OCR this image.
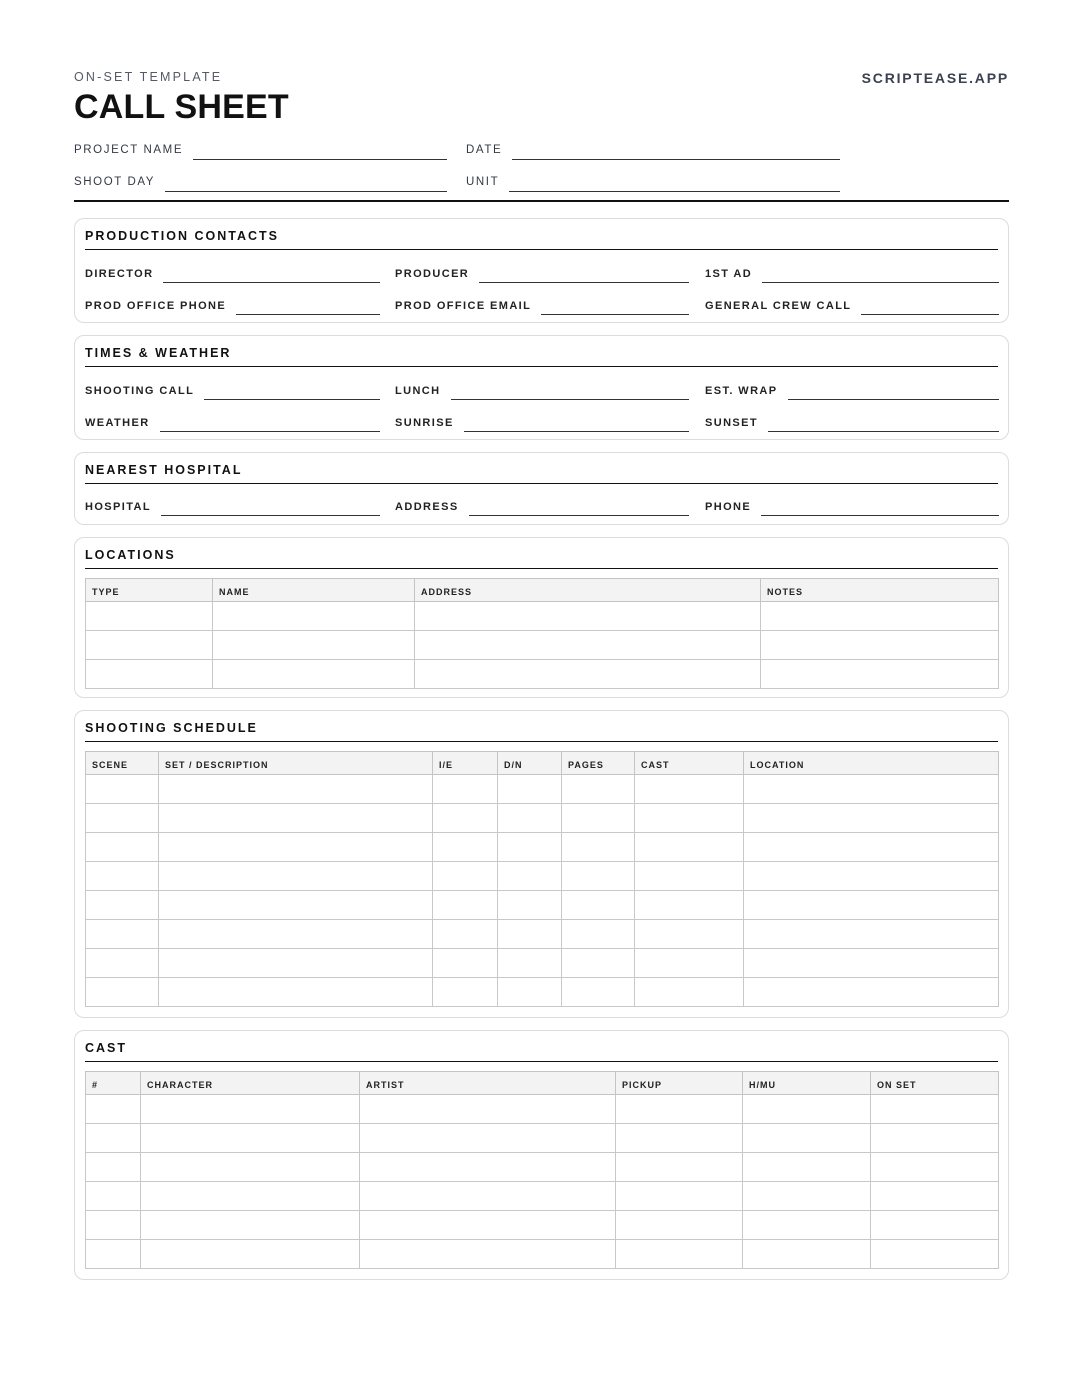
ON-SET TEMPLATE	SCRIPTEASE.APP
CALL SHEET
PROJECT NAME	DATE
SHOOT DAY	UNIT
PRODUCTION CONTACTS
DIRECTOR	PRODUCER	1ST AD
PROD OFFICE PHONE	PROD OFFICE EMAIL	GENERAL CREW CALL
TIMES & WEATHER
SHOOTING CALL	LUNCH	EST. WRAP
WEATHER	SUNRISE	SUNSET
NEAREST HOSPITAL
HOSPITAL	ADDRESS	PHONE
LOCATIONS
TYPE	NAME	ADDRESS	NOTES

SHOOTING SCHEDULE
SCENE	SET / DESCRIPTION	I/E	D/N	PAGES	CAST	LOCATION

CAST
#	CHARACTER	ARTIST	PICKUP	H/MU	ON SET
